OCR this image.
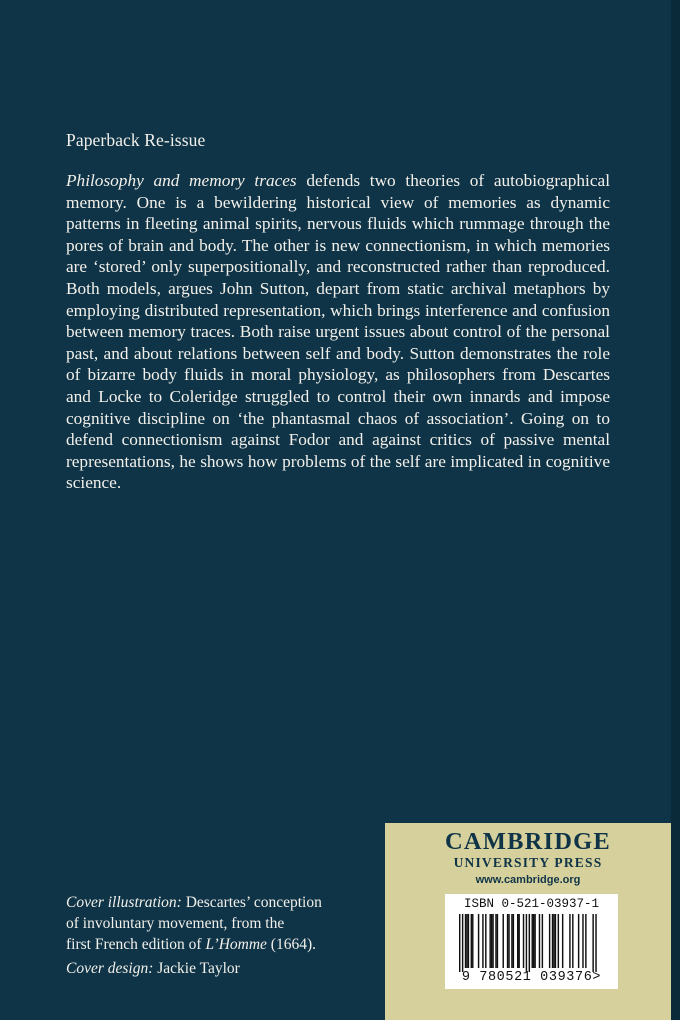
Paperback Re-issue
Philosophy and memory traces defends two theories of autobiographical memory. One is a bewildering historical view of memories as dynamic patterns in fleeting animal spirits, nervous fluids which rummage through the pores of brain and body. The other is new connectionism, in which memories are ‘stored’ only superpositionally, and reconstructed rather than reproduced. Both models, argues John Sutton, depart from static archival metaphors by employing distributed representation, which brings interference and confusion between memory traces. Both raise urgent issues about control of the personal past, and about relations between self and body. Sutton demonstrates the role of bizarre body fluids in moral physiology, as philosophers from Descartes and Locke to Coleridge struggled to control their own innards and impose cognitive discipline on ‘the phantasmal chaos of association’. Going on to defend connectionism against Fodor and against critics of passive mental representations, he shows how problems of the self are implicated in cognitive science.
Cover illustration: Descartes’ conception
of involuntary movement, from the
first French edition of L’Homme (1664).
Cover design: Jackie Taylor
CAMBRIDGE
UNIVERSITY PRESS
www.cambridge.org
ISBN 0-521-03937-1
9 780521 039376>
